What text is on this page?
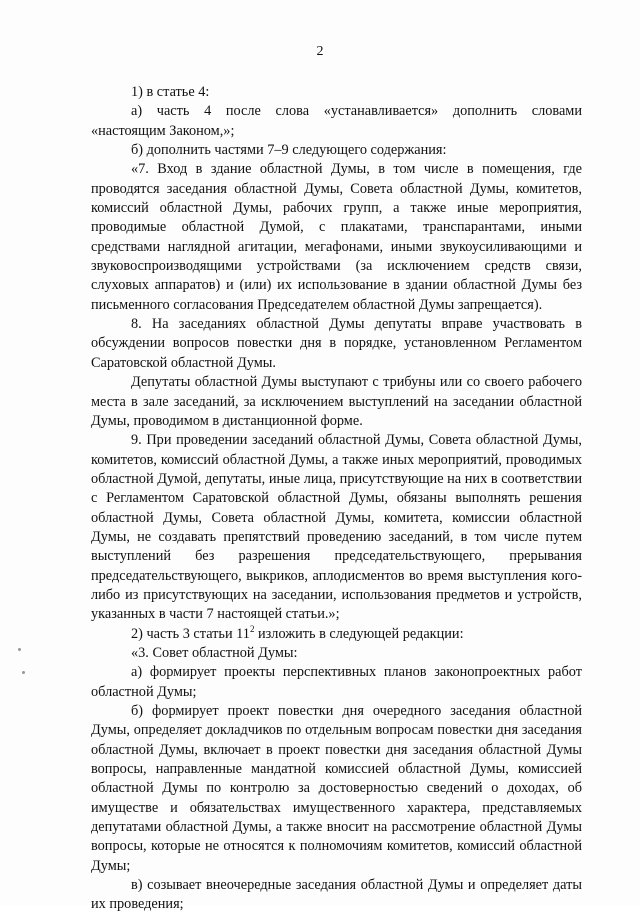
2

1) в статье 4:

а) часть 4 после слова «устанавливается» дополнить словами «настоящим Законом,»;

б) дополнить частями 7–9 следующего содержания:

«7. Вход в здание областной Думы, в том числе в помещения, где проводятся заседания областной Думы, Совета областной Думы, комитетов, комиссий областной Думы, рабочих групп, а также иные мероприятия, проводимые областной Думой, с плакатами, транспарантами, иными средствами наглядной агитации, мегафонами, иными звукоусиливающими и звуковоспроизводящими устройствами (за исключением средств связи, слуховых аппаратов) и (или) их использование в здании областной Думы без письменного согласования Председателем областной Думы запрещается).

8. На заседаниях областной Думы депутаты вправе участвовать в обсуждении вопросов повестки дня в порядке, установленном Регламентом Саратовской областной Думы.

Депутаты областной Думы выступают с трибуны или со своего рабочего места в зале заседаний, за исключением выступлений на заседании областной Думы, проводимом в дистанционной форме.

9. При проведении заседаний областной Думы, Совета областной Думы, комитетов, комиссий областной Думы, а также иных мероприятий, проводимых областной Думой, депутаты, иные лица, присутствующие на них в соответствии с Регламентом Саратовской областной Думы, обязаны выполнять решения областной Думы, Совета областной Думы, комитета, комиссии областной Думы, не создавать препятствий проведению заседаний, в том числе путем выступлений без разрешения председательствующего, прерывания председательствующего, выкриков, аплодисментов во время выступления кого-либо из присутствующих на заседании, использования предметов и устройств, указанных в части 7 настоящей статьи.»;

2) часть 3 статьи $11^2$ изложить в следующей редакции:

«3. Совет областной Думы:

а) формирует проекты перспективных планов законопроектных работ областной Думы;

б) формирует проект повестки дня очередного заседания областной Думы, определяет докладчиков по отдельным вопросам повестки дня заседания областной Думы, включает в проект повестки дня заседания областной Думы вопросы, направленные мандатной комиссией областной Думы, комиссией областной Думы по контролю за достоверностью сведений о доходах, об имуществе и обязательствах имущественного характера, представляемых депутатами областной Думы, а также вносит на рассмотрение областной Думы вопросы, которые не относятся к полномочиям комитетов, комиссий областной Думы;

в) созывает внеочередные заседания областной Думы и определяет даты их проведения;
